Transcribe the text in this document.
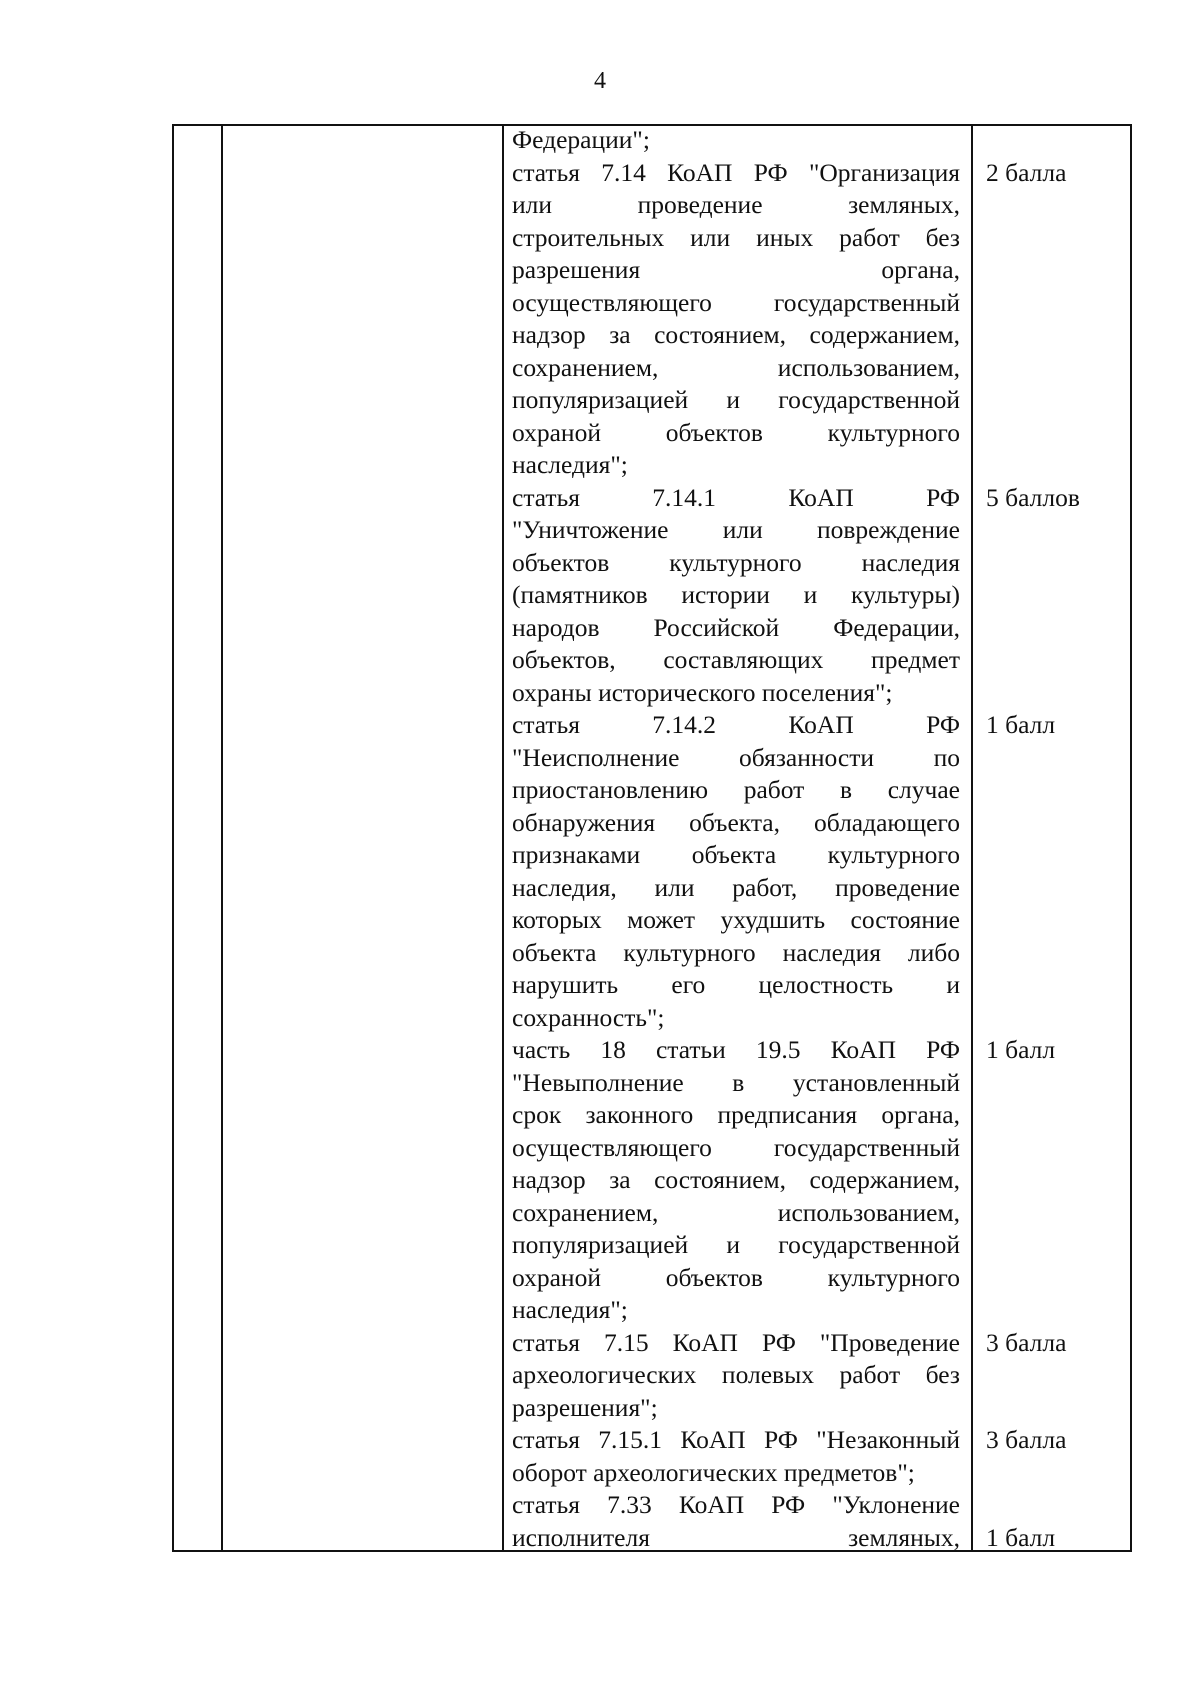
4
Федерации";
статья 7.14 КоАП РФ "Организация
или проведение земляных,
строительных или иных работ без
разрешения органа,
осуществляющего государственный
надзор за состоянием, содержанием,
сохранением, использованием,
популяризацией и государственной
охраной объектов культурного
наследия";
2 балла
статья 7.14.1 КоАП РФ
"Уничтожение или повреждение
объектов культурного наследия
(памятников истории и культуры)
народов Российской Федерации,
объектов, составляющих предмет
охраны исторического поселения";
5 баллов
статья 7.14.2 КоАП РФ
"Неисполнение обязанности по
приостановлению работ в случае
обнаружения объекта, обладающего
признаками объекта культурного
наследия, или работ, проведение
которых может ухудшить состояние
объекта культурного наследия либо
нарушить его целостность и
сохранность";
1 балл
часть 18 статьи 19.5 КоАП РФ
"Невыполнение в установленный
срок законного предписания органа,
осуществляющего государственный
надзор за состоянием, содержанием,
сохранением, использованием,
популяризацией и государственной
охраной объектов культурного
наследия";
1 балл
статья 7.15 КоАП РФ "Проведение
археологических полевых работ без
разрешения";
3 балла
статья 7.15.1 КоАП РФ "Незаконный
оборот археологических предметов";
3 балла
статья 7.33 КоАП РФ "Уклонение
исполнителя земляных, 1 балл
